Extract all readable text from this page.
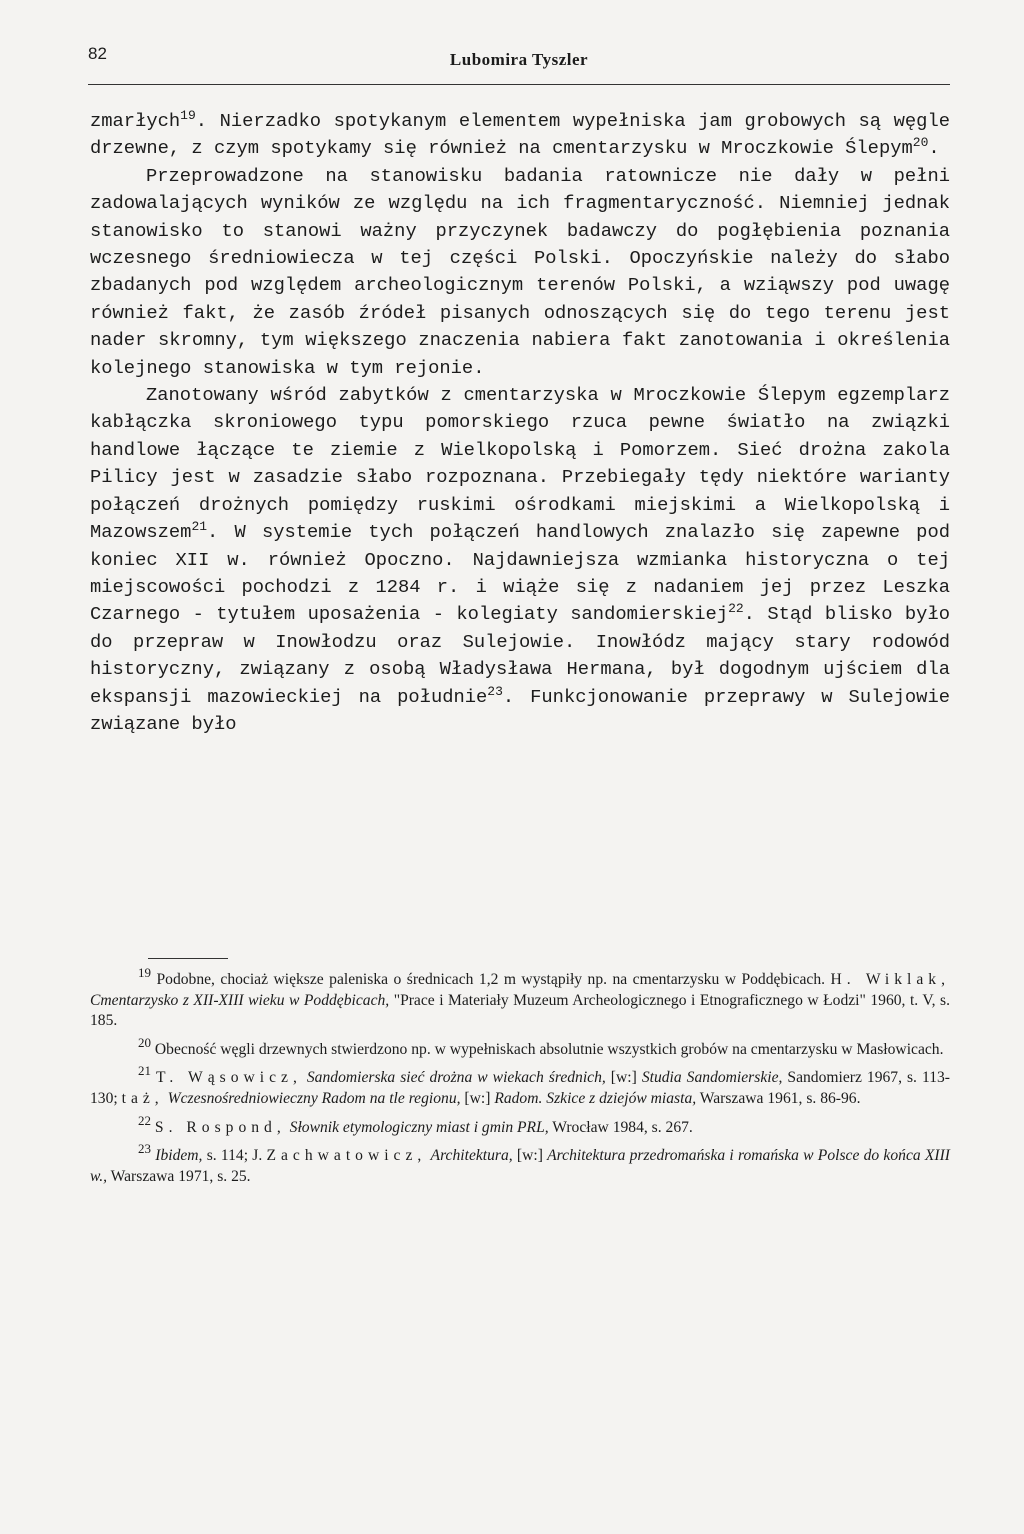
82	Lubomira Tyszler

zmarłych$^{19}$. Nierzadko spotykanym elementem wypełniska jam grobowych są węgle drzewne, z czym spotykamy się również na cmentarzysku w Mroczkowie Ślepym$^{20}$.

Przeprowadzone na stanowisku badania ratownicze nie dały w pełni zadowalających wyników ze względu na ich fragmentaryczność. Niemniej jednak stanowisko to stanowi ważny przyczynek badawczy do pogłębienia poznania wczesnego średniowiecza w tej części Polski. Opoczyńskie należy do słabo zbadanych pod względem archeologicznym terenów Polski, a wziąwszy pod uwagę również fakt, że zasób źródeł pisanych odnoszących się do tego terenu jest nader skromny, tym większego znaczenia nabiera fakt zanotowania i określenia kolejnego stanowiska w tym rejonie.

Zanotowany wśród zabytków z cmentarzyska w Mroczkowie Ślepym egzemplarz kabłączka skroniowego typu pomorskiego rzuca pewne światło na związki handlowe łączące te ziemie z Wielkopolską i Pomorzem. Sieć drożna zakola Pilicy jest w zasadzie słabo rozpoznana. Przebiegały tędy niektóre warianty połączeń drożnych pomiędzy ruskimi ośrodkami miejskimi a Wielkopolską i Mazowszem$^{21}$. W systemie tych połączeń handlowych znalazło się zapewne pod koniec XII w. również Opoczno. Najdawniejsza wzmianka historyczna o tej miejscowości pochodzi z 1284 r. i wiąże się z nadaniem jej przez Leszka Czarnego - tytułem uposażenia - kolegiaty sandomierskiej$^{22}$. Stąd blisko było do przepraw w Inowłodzu oraz Sulejowie. Inowłódz mający stary rodowód historyczny, związany z osobą Władysława Hermana, był dogodnym ujściem dla ekspansji mazowieckiej na południe$^{23}$. Funkcjonowanie przeprawy w Sulejowie związane było

$^{19}$ Podobne, chociaż większe paleniska o średnicach 1,2 m wystąpiły np. na cmentarzysku w Poddębicach. H. Wiklak, Cmentarzysko z XII-XIII wieku w Poddębicach, "Prace i Materiały Muzeum Archeologicznego i Etnograficznego w Łodzi" 1960, t. V, s. 185.

$^{20}$ Obecność węgli drzewnych stwierdzono np. w wypełniskach absolutnie wszystkich grobów na cmentarzysku w Masłowicach.

$^{21}$ T. Wąsowicz, Sandomierska sieć drożna w wiekach średnich, [w:] Studia Sandomierskie, Sandomierz 1967, s. 113-130; taż, Wczesnośredniowieczny Radom na tle regionu, [w:] Radom. Szkice z dziejów miasta, Warszawa 1961, s. 86-96.

$^{22}$ S. Rospond, Słownik etymologiczny miast i gmin PRL, Wrocław 1984, s. 267.

$^{23}$ Ibidem, s. 114; J. Zachwatowicz, Architektura, [w:] Architektura przedromańska i romańska w Polsce do końca XIII w., Warszawa 1971, s. 25.
